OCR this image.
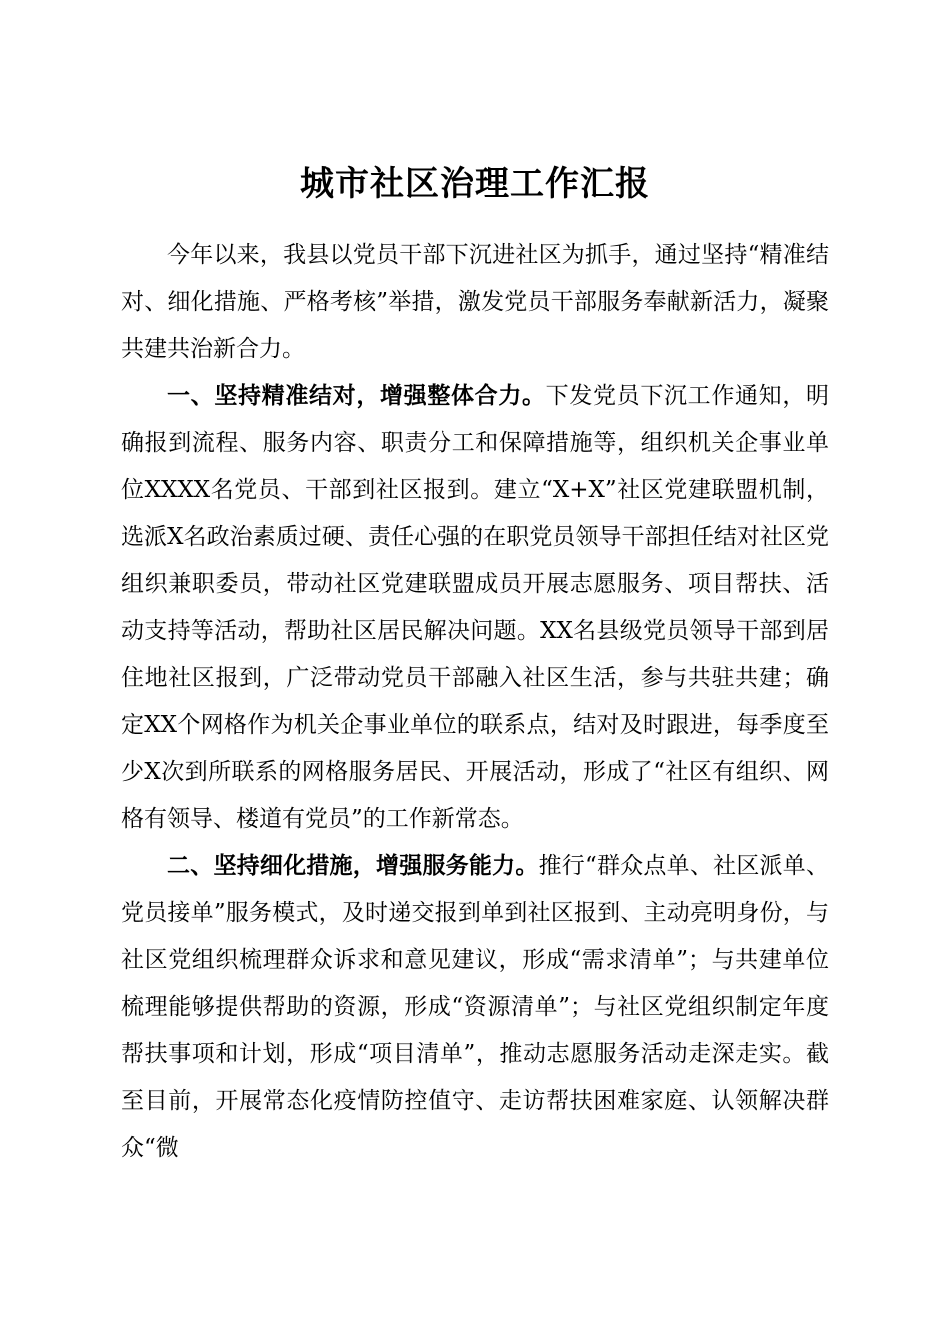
城市社区治理工作汇报

今年以来，我县以党员干部下沉进社区为抓手，通过坚持“精准结对、细化措施、严格考核”举措，激发党员干部服务奉献新活力，凝聚共建共治新合力。

一、坚持精准结对，增强整体合力。下发党员下沉工作通知，明确报到流程、服务内容、职责分工和保障措施等，组织机关企事业单位XXXX名党员、干部到社区报到。建立“X+X”社区党建联盟机制，选派X名政治素质过硬、责任心强的在职党员领导干部担任结对社区党组织兼职委员，带动社区党建联盟成员开展志愿服务、项目帮扶、活动支持等活动，帮助社区居民解决问题。XX名县级党员领导干部到居住地社区报到，广泛带动党员干部融入社区生活，参与共驻共建；确定XX个网格作为机关企事业单位的联系点，结对及时跟进，每季度至少X次到所联系的网格服务居民、开展活动，形成了“社区有组织、网格有领导、楼道有党员”的工作新常态。

二、坚持细化措施，增强服务能力。推行“群众点单、社区派单、党员接单”服务模式，及时递交报到单到社区报到、主动亮明身份，与社区党组织梳理群众诉求和意见建议，形成“需求清单”；与共建单位梳理能够提供帮助的资源，形成“资源清单”；与社区党组织制定年度帮扶事项和计划，形成“项目清单”，推动志愿服务活动走深走实。截至目前，开展常态化疫情防控值守、走访帮扶困难家庭、认领解决群众“微
